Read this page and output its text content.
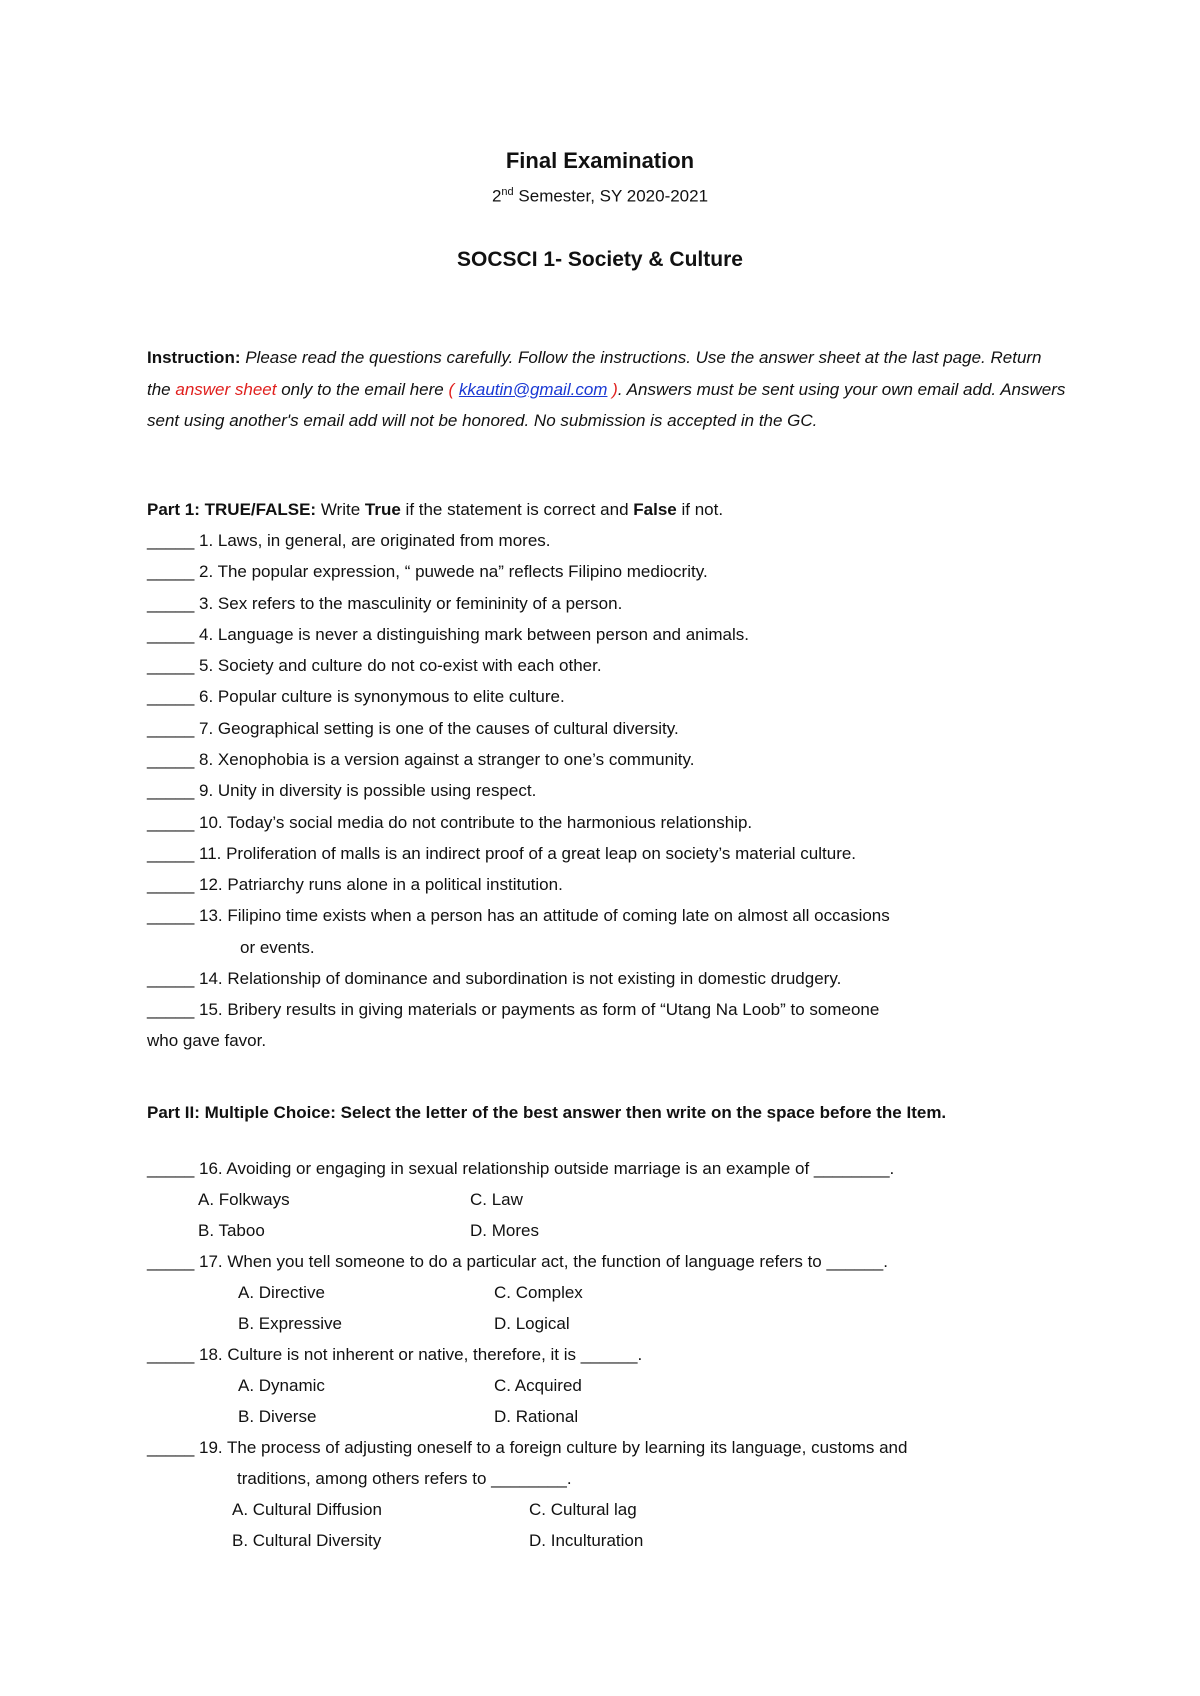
Final Examination
2nd Semester, SY 2020-2021
SOCSCI 1- Society & Culture
Instruction: Please read the questions carefully. Follow the instructions. Use the answer sheet at the last page. Return the answer sheet only to the email here ( kkautin@gmail.com ). Answers must be sent using your own email add. Answers sent using another's email add will not be honored. No submission is accepted in the GC.
Part 1: TRUE/FALSE: Write True if the statement is correct and False if not.
_____ 1. Laws, in general, are originated from mores.
_____ 2. The popular expression, “ puwede na” reflects Filipino mediocrity.
_____ 3. Sex refers to the masculinity or femininity of a person.
_____ 4. Language is never a distinguishing mark between person and animals.
_____ 5. Society and culture do not co-exist with each other.
_____ 6. Popular culture is synonymous to elite culture.
_____ 7. Geographical setting is one of the causes of cultural diversity.
_____ 8. Xenophobia is a version against a stranger to one’s community.
_____ 9. Unity in diversity is possible using respect.
_____ 10. Today’s social media do not contribute to the harmonious relationship.
_____ 11. Proliferation of malls is an indirect proof of a great leap on society’s material culture.
_____ 12. Patriarchy runs alone in a political institution.
_____ 13. Filipino time exists when a person has an attitude of coming late on almost all occasions
or events.
_____ 14. Relationship of dominance and subordination is not existing in domestic drudgery.
_____ 15. Bribery results in giving materials or payments as form of “Utang Na Loob” to someone
who gave favor.
Part II: Multiple Choice: Select the letter of the best answer then write on the space before the Item.
_____ 16. Avoiding or engaging in sexual relationship outside marriage is an example of ________.
A. Folkways	C. Law
B. Taboo	D. Mores
_____ 17. When you tell someone to do a particular act, the function of language refers to ______.
A. Directive	C. Complex
B. Expressive	D. Logical
_____ 18. Culture is not inherent or native, therefore, it is ______.
A. Dynamic	C. Acquired
B. Diverse	D. Rational
_____ 19. The process of adjusting oneself to a foreign culture by learning its language, customs and
traditions, among others refers to ________.
A. Cultural Diffusion	C. Cultural lag
B. Cultural Diversity	D. Inculturation
